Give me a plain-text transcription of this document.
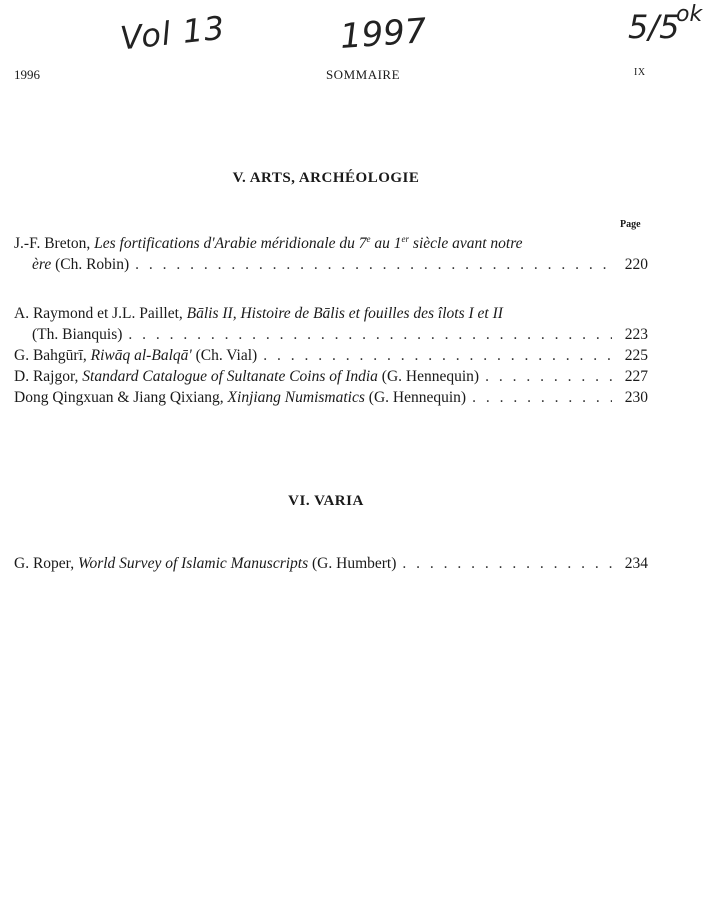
Vol 13	1997	5/5
ok
1996	SOMMAIRE	IX
V. ARTS, ARCHÉOLOGIE
Page
J.-F. Breton,
Les fortifications d'Arabie méridionale du 7e au 1er siècle avant notre
ère
(Ch. Robin) . . .	220
A. Raymond et J.L. Paillet,
Bālis II, Histoire de Bālis et fouilles des îlots I et II
(Th. Bianquis) . . .	223
G. Bahgūrī,
Riwāq al-Balqā'
(Ch. Vial) . . .	225
D. Rajgor,
Standard Catalogue of Sultanate Coins of India
(G. Hennequin) . . .	227
Dong Qingxuan & Jiang Qixiang,
Xinjiang Numismatics
(G. Hennequin) . . .	230
VI. VARIA
G. Roper,
World Survey of Islamic Manuscripts
(G. Humbert) . . .	234
